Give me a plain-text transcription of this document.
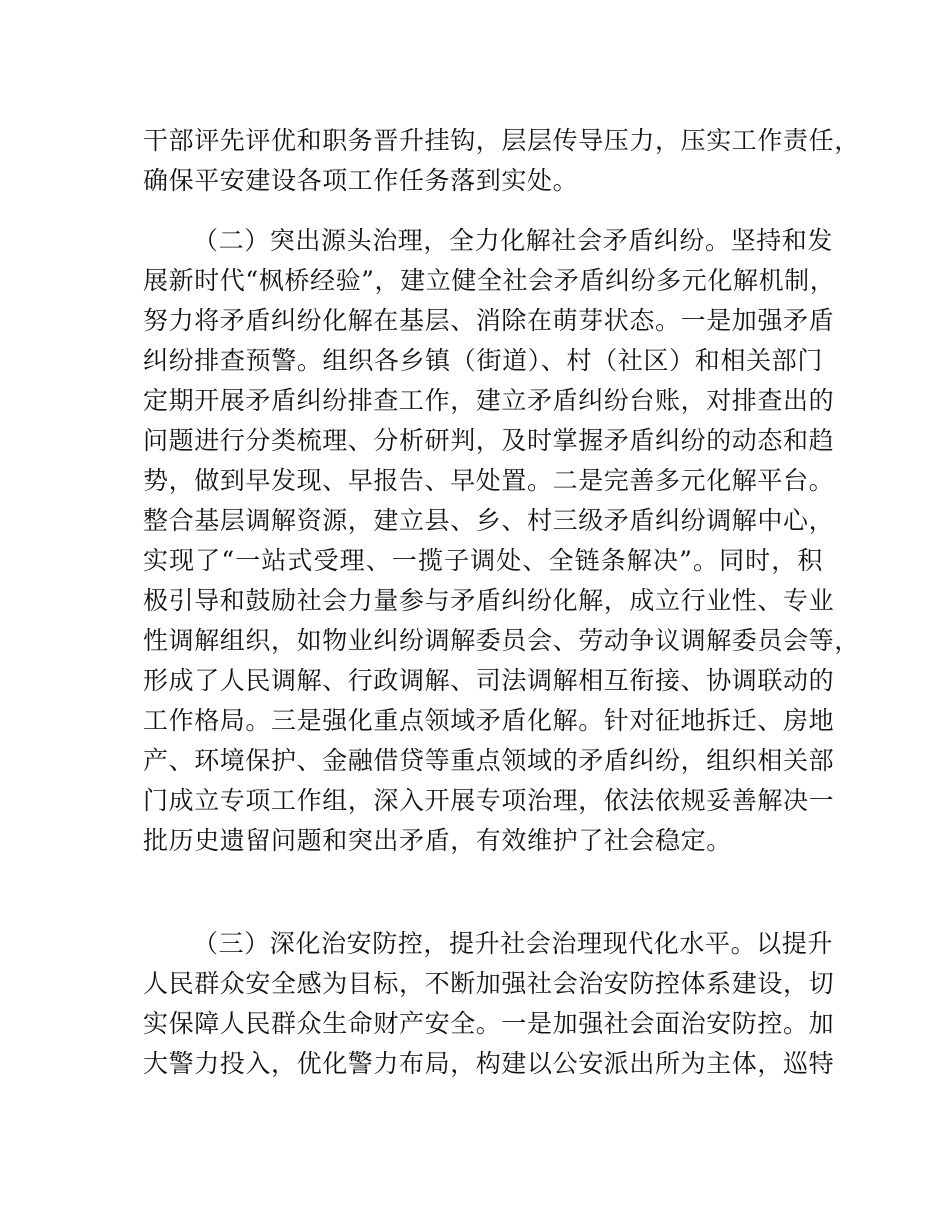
干部评先评优和职务晋升挂钩，层层传导压力，压实工作责任，
确保平安建设各项工作任务落到实处。
（二）突出源头治理，全力化解社会矛盾纠纷。坚持和发
展新时代“枫桥经验”，建立健全社会矛盾纠纷多元化解机制，
努力将矛盾纠纷化解在基层、消除在萌芽状态。一是加强矛盾
纠纷排查预警。组织各乡镇（街道）、村（社区）和相关部门
定期开展矛盾纠纷排查工作，建立矛盾纠纷台账，对排查出的
问题进行分类梳理、分析研判，及时掌握矛盾纠纷的动态和趋
势，做到早发现、早报告、早处置。二是完善多元化解平台。
整合基层调解资源，建立县、乡、村三级矛盾纠纷调解中心，
实现了“一站式受理、一揽子调处、全链条解决”。同时，积
极引导和鼓励社会力量参与矛盾纠纷化解，成立行业性、专业
性调解组织，如物业纠纷调解委员会、劳动争议调解委员会等，
形成了人民调解、行政调解、司法调解相互衔接、协调联动的
工作格局。三是强化重点领域矛盾化解。针对征地拆迁、房地
产、环境保护、金融借贷等重点领域的矛盾纠纷，组织相关部
门成立专项工作组，深入开展专项治理，依法依规妥善解决一
批历史遗留问题和突出矛盾，有效维护了社会稳定。
（三）深化治安防控，提升社会治理现代化水平。以提升
人民群众安全感为目标，不断加强社会治安防控体系建设，切
实保障人民群众生命财产安全。一是加强社会面治安防控。加
大警力投入，优化警力布局，构建以公安派出所为主体，巡特
